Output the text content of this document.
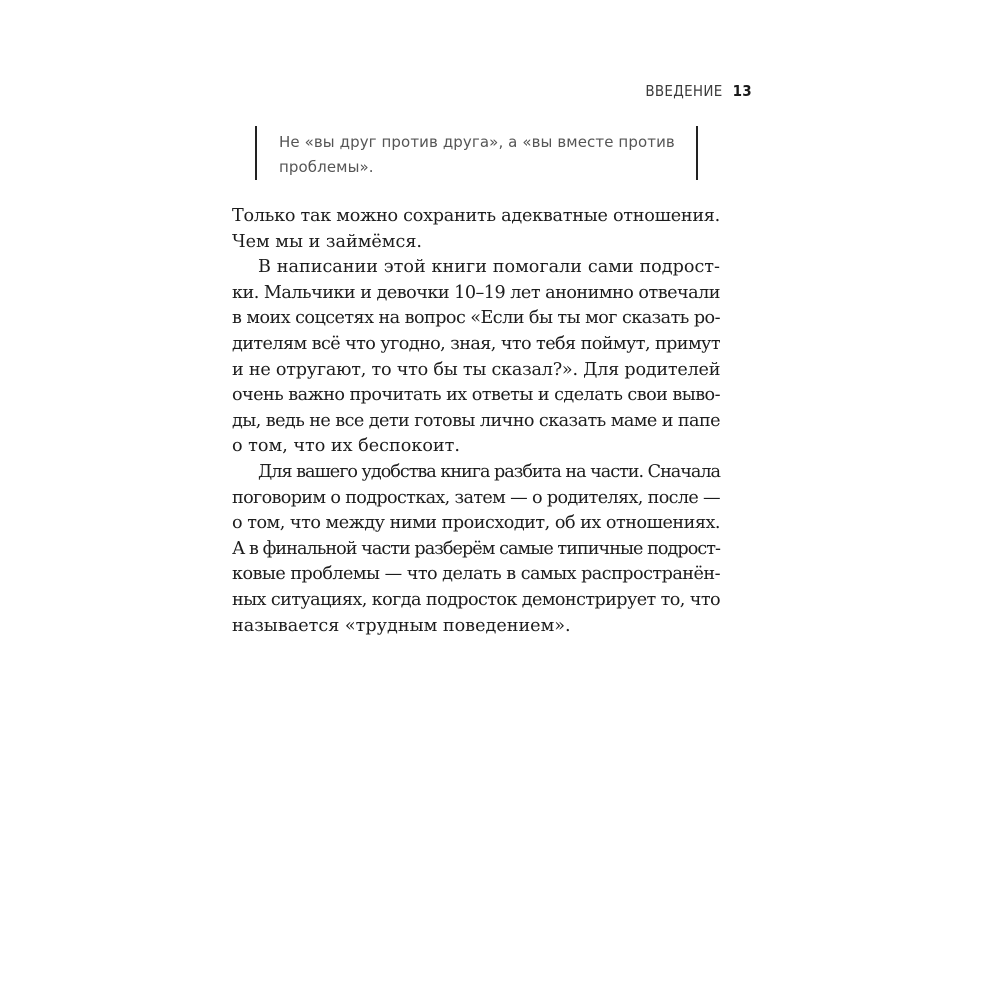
ВВЕДЕНИЕ 13
Не «вы друг против друга», а «вы вместе против
проблемы».

Только так можно сохранить адекватные отношения.
Чем мы и займёмся.

В написании этой книги помогали сами подрост-
ки. Мальчики и девочки 10–19 лет анонимно отвечали
в моих соцсетях на вопрос «Если бы ты мог сказать ро-
дителям всё что угодно, зная, что тебя поймут, примут
и не отругают, то что бы ты сказал?». Для родителей
очень важно прочитать их ответы и сделать свои выво-
ды, ведь не все дети готовы лично сказать маме и папе
о том, что их беспокоит.

Для вашего удобства книга разбита на части. Сначала
поговорим о подростках, затем — о родителях, после —
о том, что между ними происходит, об их отношениях.
А в финальной части разберём самые типичные подрост-
ковые проблемы — что делать в самых распространён-
ных ситуациях, когда подросток демонстрирует то, что
называется «трудным поведением».
